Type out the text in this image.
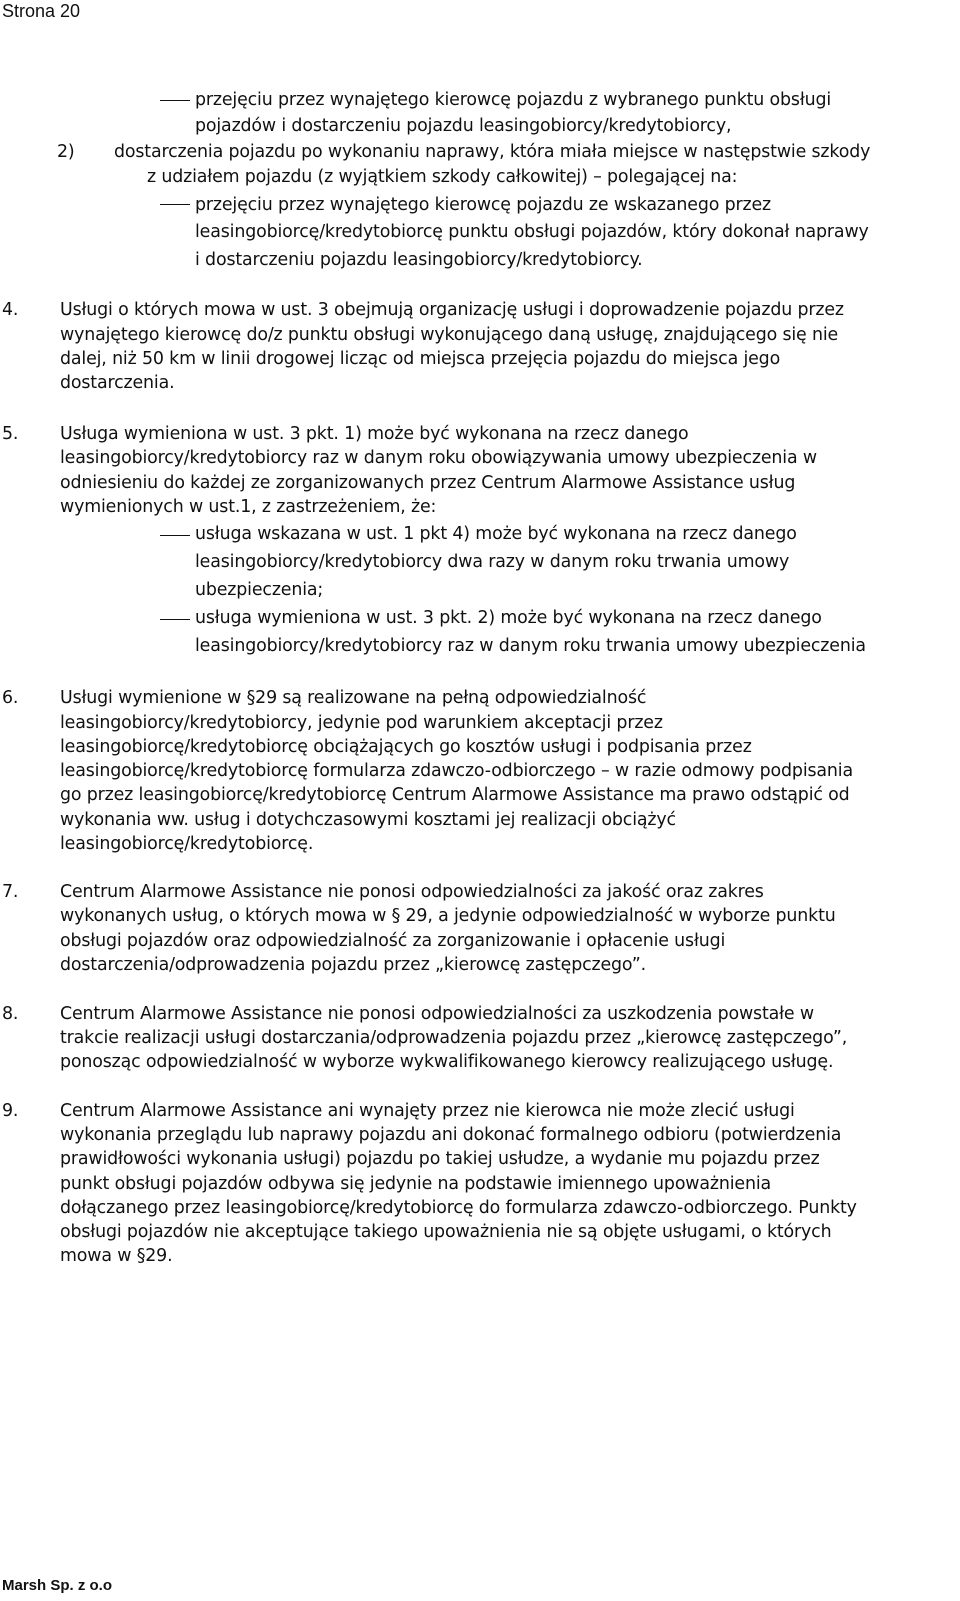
Strona 20
przejęciu przez wynajętego kierowcę pojazdu z wybranego punktu obsługi
pojazdów i dostarczeniu pojazdu leasingobiorcy/kredytobiorcy,
2) dostarczenia pojazdu po wykonaniu naprawy, która miała miejsce w następstwie szkody
z udziałem pojazdu (z wyjątkiem szkody całkowitej) – polegającej na:
przejęciu przez wynajętego kierowcę pojazdu ze wskazanego przez
leasingobiorcę/kredytobiorcę punktu obsługi pojazdów, który dokonał naprawy
i dostarczeniu pojazdu leasingobiorcy/kredytobiorcy.
4. Usługi o których mowa w ust. 3 obejmują organizację usługi i doprowadzenie pojazdu przez
wynajętego kierowcę do/z punktu obsługi wykonującego daną usługę, znajdującego się nie
dalej, niż 50 km w linii drogowej licząc od miejsca przejęcia pojazdu do miejsca jego
dostarczenia.
5. Usługa wymieniona w ust. 3 pkt. 1) może być wykonana na rzecz danego
leasingobiorcy/kredytobiorcy raz w danym roku obowiązywania umowy ubezpieczenia w
odniesieniu do każdej ze zorganizowanych przez Centrum Alarmowe Assistance usług
wymienionych w ust.1, z zastrzeżeniem, że:
usługa wskazana w ust. 1 pkt 4) może być wykonana na rzecz danego
leasingobiorcy/kredytobiorcy dwa razy w danym roku trwania umowy
ubezpieczenia;
usługa wymieniona w ust. 3 pkt. 2) może być wykonana na rzecz danego
leasingobiorcy/kredytobiorcy raz w danym roku trwania umowy ubezpieczenia
6. Usługi wymienione w §29 są realizowane na pełną odpowiedzialność
leasingobiorcy/kredytobiorcy, jedynie pod warunkiem akceptacji przez
leasingobiorcę/kredytobiorcę obciążających go kosztów usługi i podpisania przez
leasingobiorcę/kredytobiorcę formularza zdawczo-odbiorczego – w razie odmowy podpisania
go przez leasingobiorcę/kredytobiorcę Centrum Alarmowe Assistance ma prawo odstąpić od
wykonania ww. usług i dotychczasowymi kosztami jej realizacji obciążyć
leasingobiorcę/kredytobiorcę.
7. Centrum Alarmowe Assistance nie ponosi odpowiedzialności za jakość oraz zakres
wykonanych usług, o których mowa w § 29, a jedynie odpowiedzialność w wyborze punktu
obsługi pojazdów oraz odpowiedzialność za zorganizowanie i opłacenie usługi
dostarczenia/odprowadzenia pojazdu przez „kierowcę zastępczego”.
8. Centrum Alarmowe Assistance nie ponosi odpowiedzialności za uszkodzenia powstałe w
trakcie realizacji usługi dostarczania/odprowadzenia pojazdu przez „kierowcę zastępczego”,
ponosząc odpowiedzialność w wyborze wykwalifikowanego kierowcy realizującego usługę.
9. Centrum Alarmowe Assistance ani wynajęty przez nie kierowca nie może zlecić usługi
wykonania przeglądu lub naprawy pojazdu ani dokonać formalnego odbioru (potwierdzenia
prawidłowości wykonania usługi) pojazdu po takiej usłudze, a wydanie mu pojazdu przez
punkt obsługi pojazdów odbywa się jedynie na podstawie imiennego upoważnienia
dołączanego przez leasingobiorcę/kredytobiorcę do formularza zdawczo-odbiorczego. Punkty
obsługi pojazdów nie akceptujące takiego upoważnienia nie są objęte usługami, o których
mowa w §29.
Marsh Sp. z o.o
